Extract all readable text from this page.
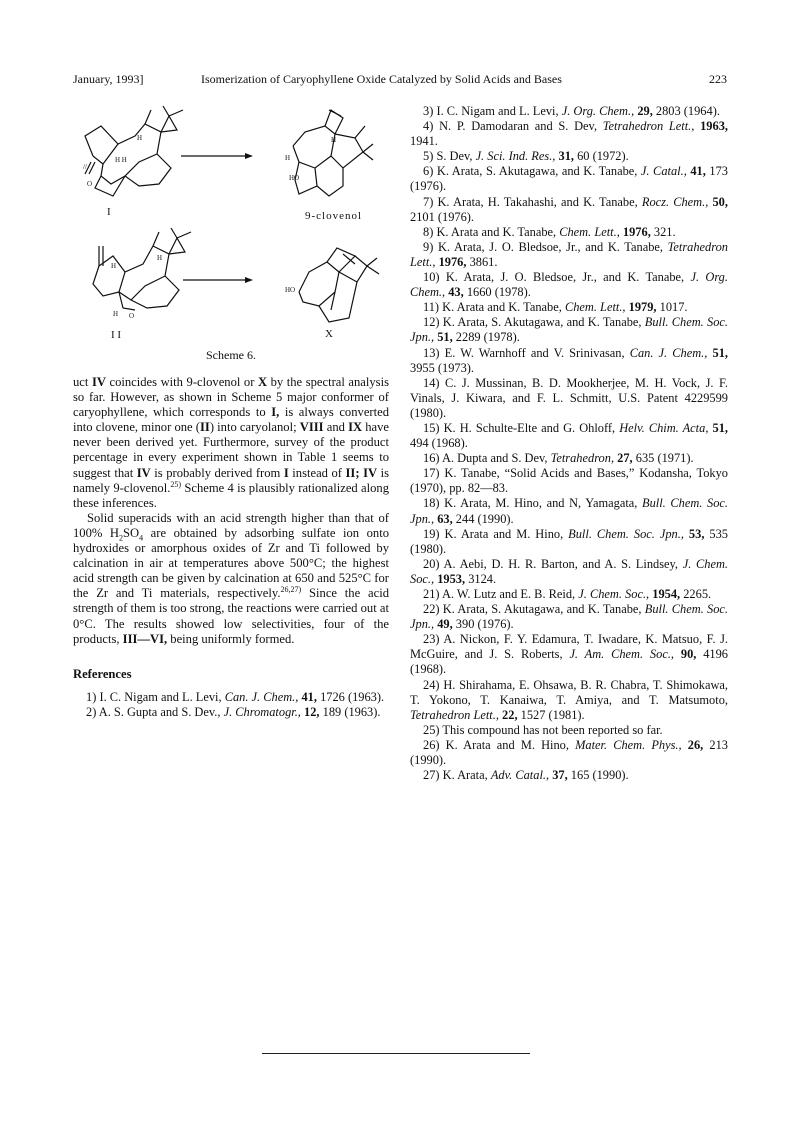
January, 1993]	Isomerization of Caryophyllene Oxide Catalyzed by Solid Acids and Bases	223
H H
H
O
//
H
HO
H
H
H
H O
HO
I	9-clovenol
I I	X
Scheme 6.

uct IV coincides with 9-clovenol or X by the spectral analysis so far. However, as shown in Scheme 5 major conformer of caryophyllene, which corresponds to I, is always converted into clovene, minor one (II) into caryolanol; VIII and IX have never been derived yet. Furthermore, survey of the product percentage in every experiment shown in Table 1 seems to suggest that IV is probably derived from I instead of II; IV is namely 9-clovenol.$^{25)}$ Scheme 4 is plausibly rationalized along these inferences.

Solid superacids with an acid strength higher than that of 100% $H_2SO_4$ are obtained by adsorbing sulfate ion onto hydroxides or amorphous oxides of Zr and Ti followed by calcination in air at temperatures above 500°C; the highest acid strength can be given by calcination at 650 and 525°C for the Zr and Ti materials, respectively.$^{26,27)}$ Since the acid strength of them is too strong, the reactions were carried out at 0°C. The results showed low selectivities, four of the products, III—VI, being uniformly formed.

References

1) I. C. Nigam and L. Levi, Can. J. Chem., 41, 1726 (1963).

2) A. S. Gupta and S. Dev., J. Chromatogr., 12, 189 (1963).

3) I. C. Nigam and L. Levi, J. Org. Chem., 29, 2803 (1964).

4) N. P. Damodaran and S. Dev, Tetrahedron Lett., 1963, 1941.

5) S. Dev, J. Sci. Ind. Res., 31, 60 (1972).

6) K. Arata, S. Akutagawa, and K. Tanabe, J. Catal., 41, 173 (1976).

7) K. Arata, H. Takahashi, and K. Tanabe, Rocz. Chem., 50, 2101 (1976).

8) K. Arata and K. Tanabe, Chem. Lett., 1976, 321.

9) K. Arata, J. O. Bledsoe, Jr., and K. Tanabe, Tetrahedron Lett., 1976, 3861.

10) K. Arata, J. O. Bledsoe, Jr., and K. Tanabe, J. Org. Chem., 43, 1660 (1978).

11) K. Arata and K. Tanabe, Chem. Lett., 1979, 1017.

12) K. Arata, S. Akutagawa, and K. Tanabe, Bull. Chem. Soc. Jpn., 51, 2289 (1978).

13) E. W. Warnhoff and V. Srinivasan, Can. J. Chem., 51, 3955 (1973).

14) C. J. Mussinan, B. D. Mookherjee, M. H. Vock, J. F. Vinals, J. Kiwara, and F. L. Schmitt, U.S. Patent 4229599 (1980).

15) K. H. Schulte-Elte and G. Ohloff, Helv. Chim. Acta, 51, 494 (1968).

16) A. Dupta and S. Dev, Tetrahedron, 27, 635 (1971).

17) K. Tanabe, “Solid Acids and Bases,” Kodansha, Tokyo (1970), pp. 82—83.

18) K. Arata, M. Hino, and N, Yamagata, Bull. Chem. Soc. Jpn., 63, 244 (1990).

19) K. Arata and M. Hino, Bull. Chem. Soc. Jpn., 53, 535 (1980).

20) A. Aebi, D. H. R. Barton, and A. S. Lindsey, J. Chem. Soc., 1953, 3124.

21) A. W. Lutz and E. B. Reid, J. Chem. Soc., 1954, 2265.

22) K. Arata, S. Akutagawa, and K. Tanabe, Bull. Chem. Soc. Jpn., 49, 390 (1976).

23) A. Nickon, F. Y. Edamura, T. Iwadare, K. Matsuo, F. J. McGuire, and J. S. Roberts, J. Am. Chem. Soc., 90, 4196 (1968).

24) H. Shirahama, E. Ohsawa, B. R. Chabra, T. Shimokawa, T. Yokono, T. Kanaiwa, T. Amiya, and T. Matsumoto, Tetrahedron Lett., 22, 1527 (1981).

25) This compound has not been reported so far.

26) K. Arata and M. Hino, Mater. Chem. Phys., 26, 213 (1990).

27) K. Arata, Adv. Catal., 37, 165 (1990).
